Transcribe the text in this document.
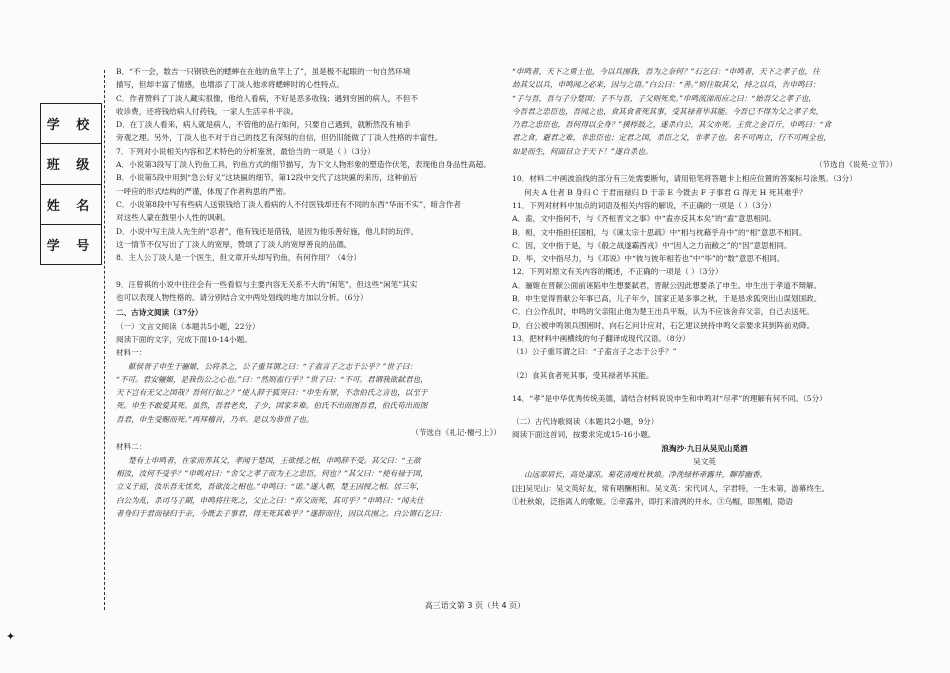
学 校
班 级
姓 名
学 号

B．“不一会，数吉一只钢铁色的蟋蟀在在他的鱼竿上了”，虽是极不起眼的一句自然环境

描写，但却丰富了情感，也增添了丁淡人他求将蟋蟀时的心性特点。

C．作者赞料了丁淡人藏实很像，他给人看病，不好是恶多收钱；遇到穷困的病人，不但不

收诊费，还将钱给病人付药钱，一家人生活辛朴平淡。

D．在丁淡人看来，病人就是病人，不管他的品行如何，只要自己遇到，就断然没有袖手

旁观之理。另外，丁淡人也不对于自己的技艺有深刻的自信，但仍旧能做了丁淡人性格的丰富性。

7．下列对小说相关内容和艺术特色的分析鉴赏，最恰当的一项是（ ）（3分）

A．小说第3段写丁淡人钓鱼工具，钓鱼方式的细节描写，为下文人物形象的塑造作伏笔，表现他自身品性高超。

B．小说第5段中用到“急公好义”这块匾的细节，第12段中交代了这块匾的来历，这种前后

一呼应的形式结构的严谨，体现了作者构思的严密。

C．小说第8段中写有些病人送银钱给丁淡人看病的人不付医钱却还有不同的东西“华而不实”，暗含作者

对这些人蒙在鼓里小人性的讽刺。

D．小说中写主淡人先生的“忍者”，他有钱还是借钱，是因为他乐善好施，他儿时的玩伴，

这一情节不仅写出了丁淡人的宽厚，赞颂了丁淡人的宽厚善良的品德。

8．主人公丁淡人是一个医生，但文章开头却写钓鱼，有何作用？（4分）

9．汪曾祺的小说中往往会有一些看似与主要内容无关系不大的“闲笔”，但这些“闲笔”其实

也可以表现人物性格的。请分别结合文中两处划线的地方加以分析。（6分）

二、古诗文阅读（37分）

（一）文言文阅读（本题共5小题，22分）

阅读下面的文字，完成下面10-14小题。

材料一：

献侯晋子申生于骊姬，公将杀之，公子重耳谓之曰：“子盍言子之志于公乎？”世子曰：

“不可。君安骊姬，是我伤公之心也。”曰：“然则盍行乎？”世子曰：“不可。君谓我欲弑君也，

天下岂有无父之国哉？吾何行如之？”使人辞于狐突曰：“申生有罪，不念伯氏之言也，以至于

死。申生不敢爱其死。虽然，吾君老矣，子少，国家多难。伯氏不出而图吾君，伯氏苟出而图

吾君，申生受赐而死。”再拜稽首，乃卒。是以为恭世子也。

（节选自《礼记·檀弓上》）

材料二：

楚有士申鸣者，在家而养其父，孝闻于楚国，王欲授之相，申鸣辞不受。其父曰：“王欲

相汝，汝何不受乎？”申鸣对曰：“舍父之孝子而为王之忠臣，何也？”其父曰：“使有禄于国，

立义于庭，汝乐吾无忧矣，吾欲汝之相也。”申鸣曰：“诺。”遂入朝，楚王因授之相。居三年，

白公为乱，杀司马子期，申鸣将往死之，父止之曰：“弃父而死，其可乎？”申鸣曰：“闻夫仕

者身归于君而禄归于亲，今既去子事君，得无死其难乎？”遂辞而往，因以兵围之。白公谓石乞曰：

“申鸣者，天下之勇士也，今以兵围我，吾为之奈何？”石乞曰：“申鸣者，天下之孝子也，往

劫其父以兵，申鸣闻之必来，因与之语。”白公曰：“善。”则往取其父，持之以兵，告申鸣曰：

“子与吾，吾与子分楚国；子不与吾，子父则死矣。”申鸣流涕而应之曰：“始吾父之孝子也，

今吾君之忠臣也，吾闻之也，食其食者死其事，受其禄者毕其能。今吾已不得为父之孝子矣，

乃君之忠臣也，吾何得以全身？”援桴鼓之，遂杀白公，其父亦死。王赏之金百斤，申鸣曰：“食

君之食，避君之难，非忠臣也；定君之国，杀臣之父，非孝子也。名不可两立，行不可两全也，

如是而生，何面目立于天下！”遂自杀也。

（节选自《说苑·立节》）

10．材料二中画波浪线的部分有三处需要断句，请用铅笔将答题卡上相应位置的答案标号涂黑。（3分）

何夫 A 仕者 B 身归 C 于君而禄归 D 于亲 E 今既去 F 子事君 G 得无 H 死其难乎？

11．下列对材料中加点的词语及相关内容的解说，不正确的一项是（ ）（3分）

A．盍，文中指何不，与《齐桓晋文之事》中“盍亦反其本矣”的“盍”意思相同。

B．相，文中指担任国相，与《谏太宗十思疏》中“相与枕藉乎舟中”的“相”意思不相同。

C．因，文中指于是，与《殽之战遂霸西戎》中“因人之力而敝之”的“因”意思相同。

D．毕，文中指尽力，与《邓说》中“彼与彼年相若也”中“毕”的“数”意思不相同。

12．下列对原文有关内容的概述，不正确的一项是（ ）（3分）

A．骊姬在晋献公面前诬陷申生想要弑君，晋献公因此想要杀了申生。申生出于孝道不辩解。

B．申生觉得晋献公年事已高，儿子年少，国家正是多事之秋，于是恳求狐突出山谋划国政。

C．白公作乱时，申鸣的父亲阻止他为楚王出兵平叛，认为不应该舍弃父亲，自己去送死。

D．白公被申鸣领兵围困时，向石乞问计应对，石乞建议挟持申鸣父亲要求其到阵前劝降。

13．把材料中画横线的句子翻译成现代汉语。（8分）

（1）公子重耳谓之曰：“子盍言子之志于公乎？”

（2）食其食者死其事，受其禄者毕其能。

14．“孝”是中华优秀传统美德，请结合材料说说申生和申鸣对“尽孝”的理解有何不同。（5分）

（二）古代诗歌阅读（本题共2小题，9分）

阅读下面这首词，按要求完成15-16小题。

浪淘沙·九日从吴见山觅酒

吴文英

山远翠眉长，高处凄凉。菊花清瘦杜秋娘。净洗绿杯牵露井，聊荐幽香。

[注]吴见山：吴文英好友，常有唱酬相和。吴文英：宋代词人，字君特，一生未第，游幕终生。

①杜秋娘，泛指离人的歌姬。②牵露井，即打来清洌的井水。③乌帽，即黑帽，隐语

高三语文第 3 页（共 4 页）
✦
